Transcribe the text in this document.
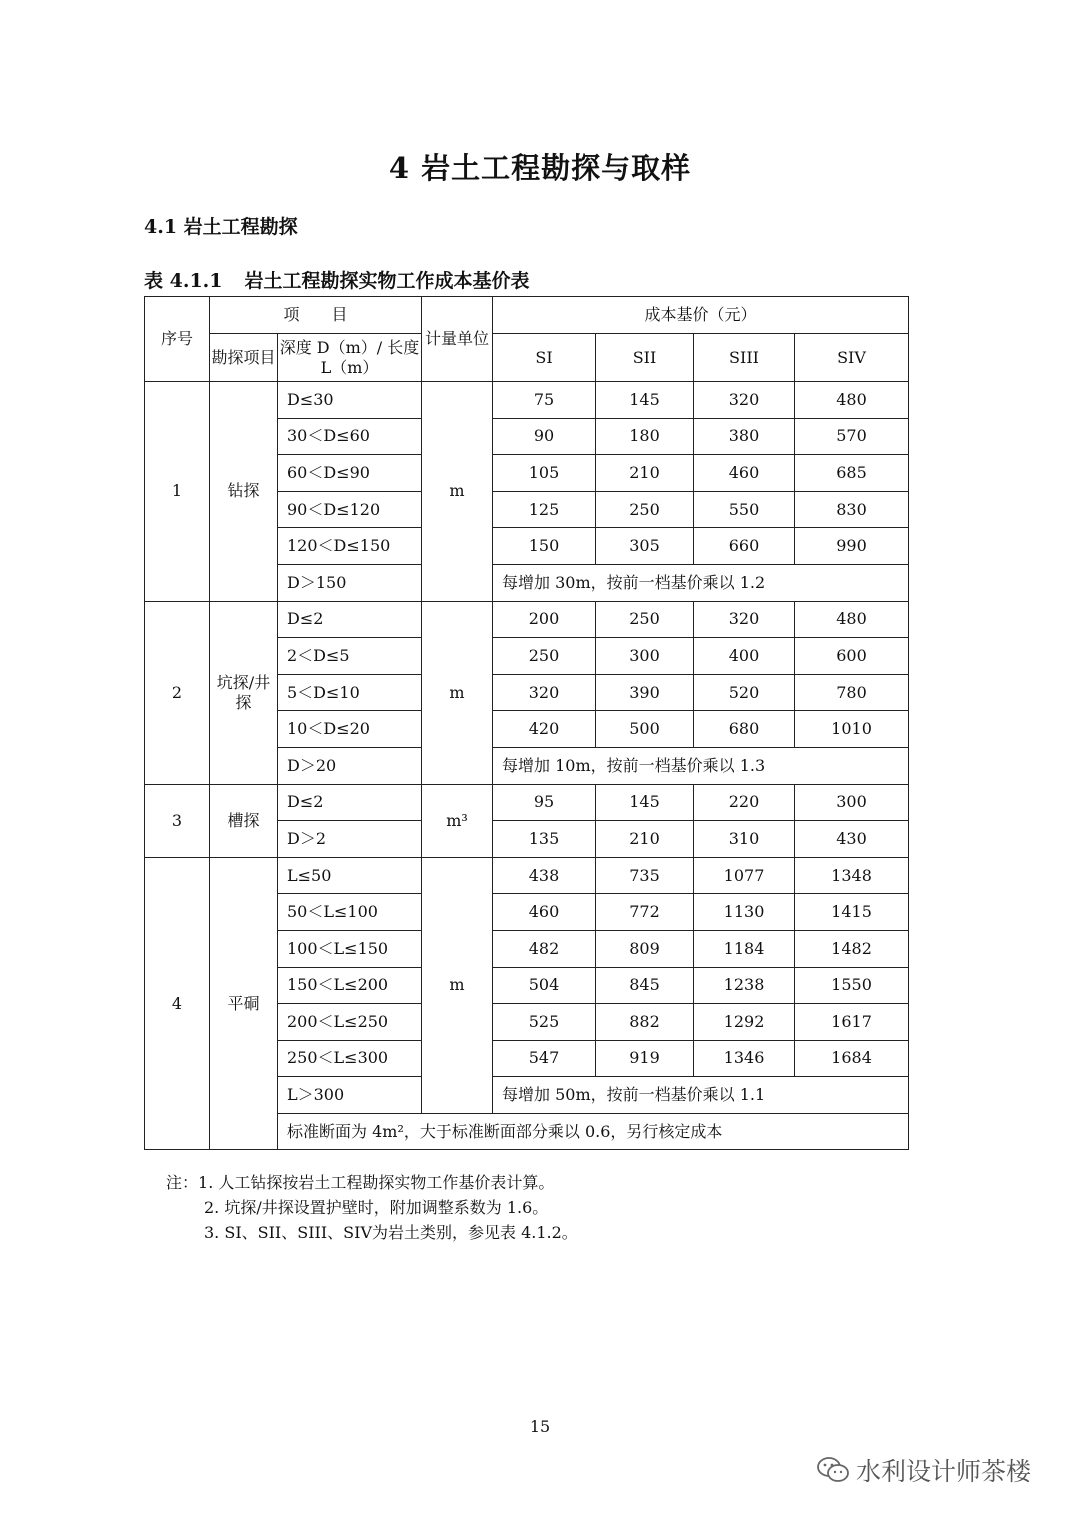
4 岩土工程勘探与取样
4.1 岩土工程勘探
表 4.1.1 岩土工程勘探实物工作成本基价表
序号	项　　目		计量单位	成本基价（元）			
	勘探项目	深度 D（m）/ 长度 L（m）		SI	SII	SIII	SIV
1	钻探	D≤30	m	75	145	320	480
		30＜D≤60		90	180	380	570
		60＜D≤90		105	210	460	685
		90＜D≤120		125	250	550	830
		120＜D≤150		150	305	660	990
		D＞150		每增加 30m，按前一档基价乘以 1.2			
2	坑探/井探	D≤2	m	200	250	320	480
		2＜D≤5		250	300	400	600
		5＜D≤10		320	390	520	780
		10＜D≤20		420	500	680	1010
		D＞20		每增加 10m，按前一档基价乘以 1.3			
3	槽探	D≤2	m³	95	145	220	300
		D＞2		135	210	310	430
4	平硐	L≤50	m	438	735	1077	1348
		50＜L≤100		460	772	1130	1415
		100＜L≤150		482	809	1184	1482
		150＜L≤200		504	845	1238	1550
		200＜L≤250		525	882	1292	1617
		250＜L≤300		547	919	1346	1684
		L＞300		每增加 50m，按前一档基价乘以 1.1			
		标准断面为 4m²，大于标准断面部分乘以 0.6，另行核定成本					
注：1. 人工钻探按岩土工程勘探实物工作基价表计算。
2. 坑探/井探设置护壁时，附加调整系数为 1.6。
3. SI、SII、SIII、SIV为岩土类别，参见表 4.1.2。
15
水利设计师茶楼
